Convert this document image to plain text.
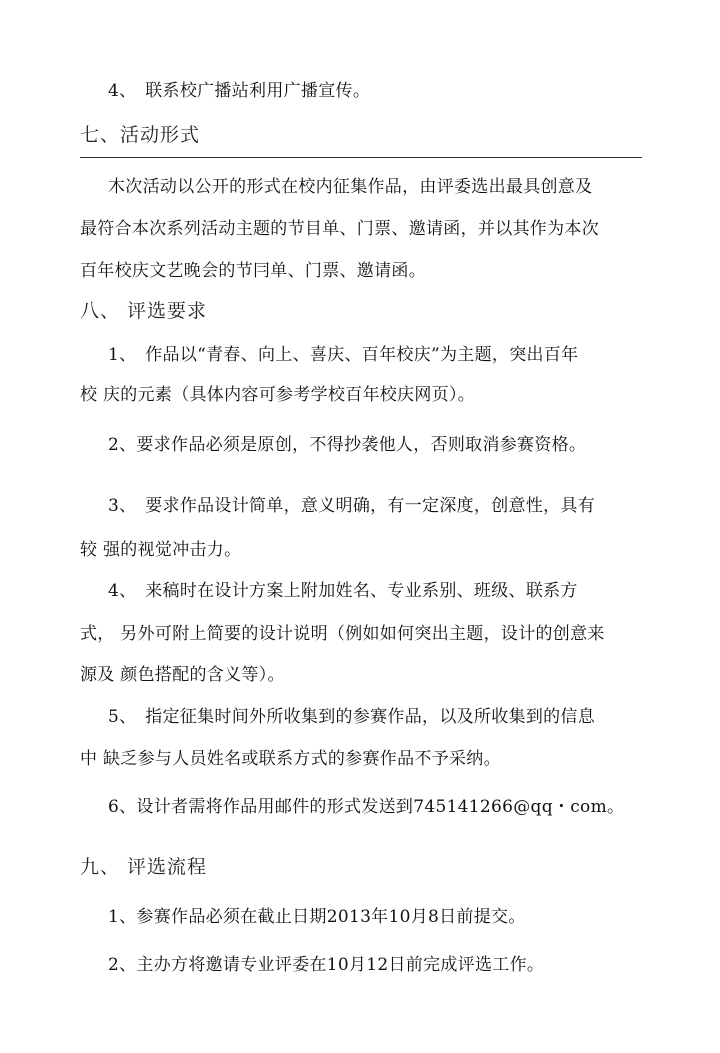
4、　联系校广播站利用广播宣传。
七、活动形式
木次活动以公开的形式在校内征集作品，由评委选出最具创意及
最符合本次系列活动主题的节目单、门票、邀请函，并以其作为本次
百年校庆文艺晚会的节冃单、门票、邀请函。
八、 评选要求
1、　作品以“青春、向上、喜庆、百年校庆”为主题，突出百年
校 庆的元素（具体内容可参考学校百年校庆网页）。
2、要求作品必须是原创，不得抄袭他人，否则取消参赛资格。
3、　要求作品设计简单，意义明确，有一定深度，创意性，具有
较 强的视觉冲击力。
4、　来稿时在设计方案上附加姓名、专业系别、班级、联系方
式， 另外可附上简要的设计说明（例如如何突出主题，设计的创意来
源及 颜色搭配的含义等）。
5、　指定征集时间外所收集到的参赛作品，以及所收集到的信息
中 缺乏参与人员姓名或联系方式的参赛作品不予采纳。
6、设计者需将作品用邮件的形式发送到745141266@qq・com。
九、 评选流程
1、参赛作品必须在截止日期2013年10月8日前提交。
2、主办方将邀请专业评委在10月12日前完成评选工作。
